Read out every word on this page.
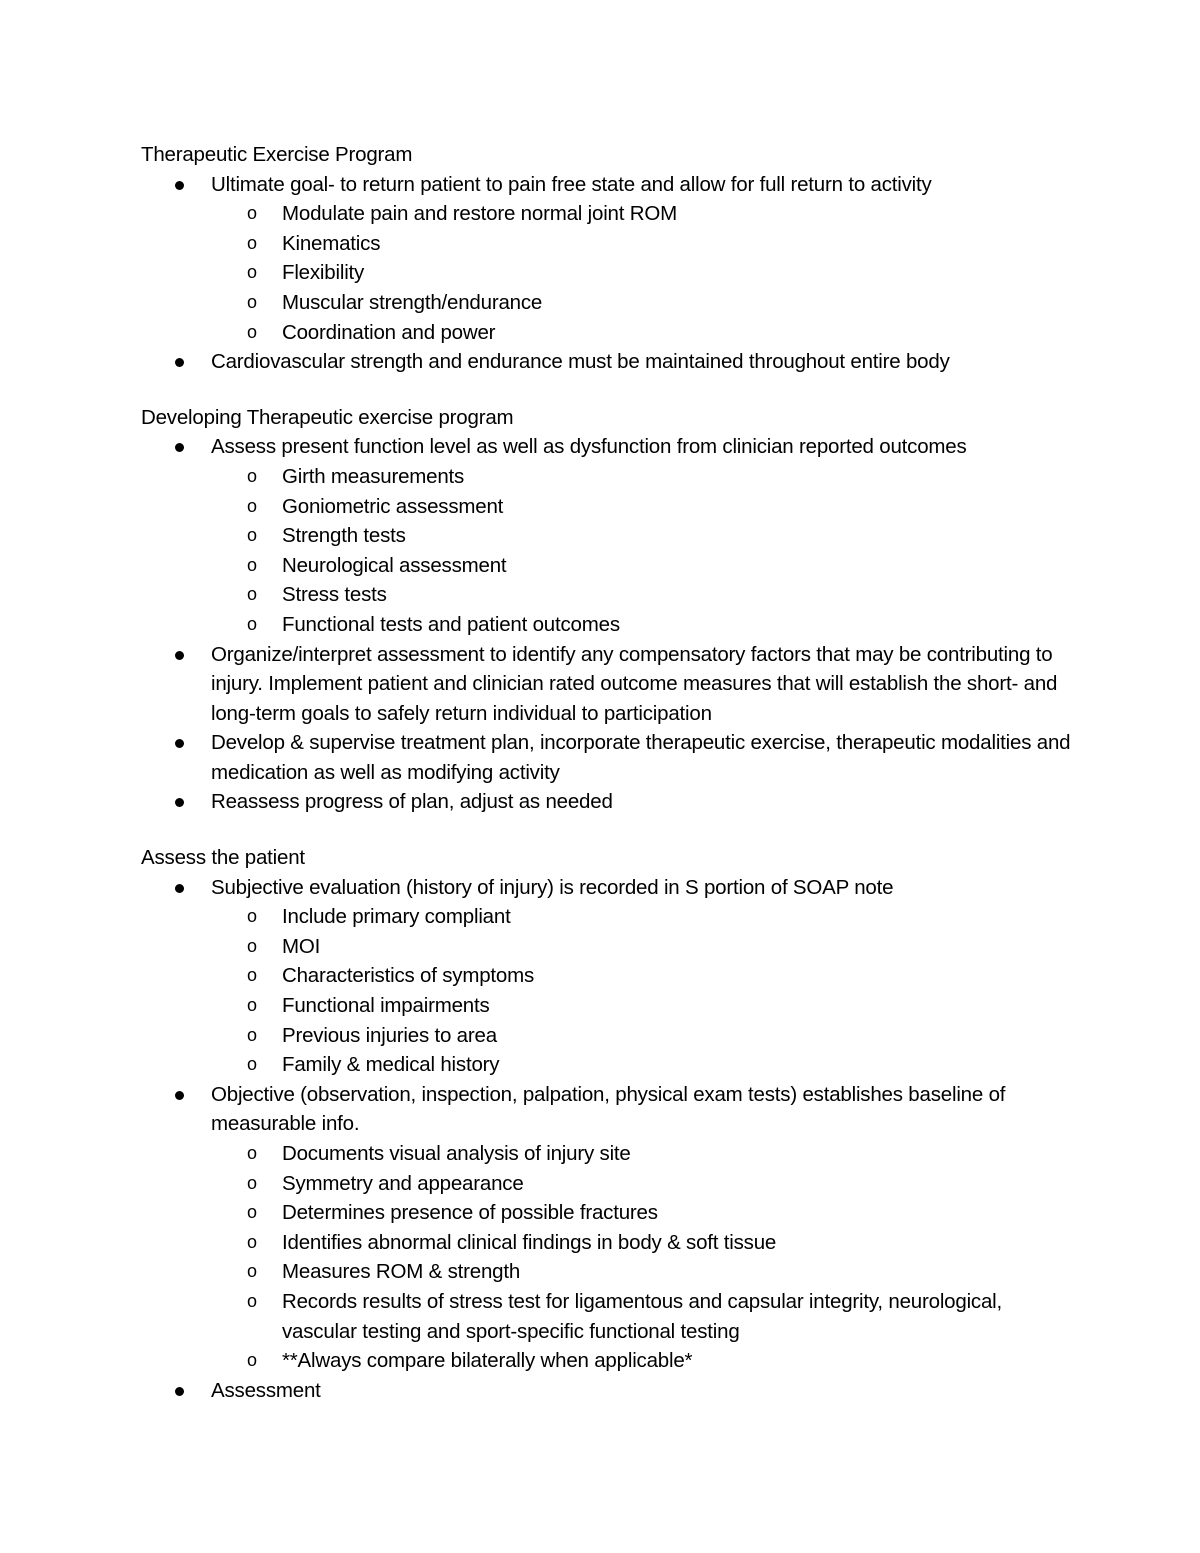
Therapeutic Exercise Program
Ultimate goal- to return patient to pain free state and allow for full return to activity
o Modulate pain and restore normal joint ROM
o Kinematics
o Flexibility
o Muscular strength/endurance
o Coordination and power
Cardiovascular strength and endurance must be maintained throughout entire body
Developing Therapeutic exercise program
Assess present function level as well as dysfunction from clinician reported outcomes
o Girth measurements
o Goniometric assessment
o Strength tests
o Neurological assessment
o Stress tests
o Functional tests and patient outcomes
Organize/interpret assessment to identify any compensatory factors that may be contributing to injury. Implement patient and clinician rated outcome measures that will establish the short- and long-term goals to safely return individual to participation
Develop & supervise treatment plan, incorporate therapeutic exercise, therapeutic modalities and medication as well as modifying activity
Reassess progress of plan, adjust as needed
Assess the patient
Subjective evaluation (history of injury) is recorded in S portion of SOAP note
o Include primary compliant
o MOI
o Characteristics of symptoms
o Functional impairments
o Previous injuries to area
o Family & medical history
Objective (observation, inspection, palpation, physical exam tests) establishes baseline of measurable info.
o Documents visual analysis of injury site
o Symmetry and appearance
o Determines presence of possible fractures
o Identifies abnormal clinical findings in body & soft tissue
o Measures ROM & strength
o Records results of stress test for ligamentous and capsular integrity, neurological, vascular testing and sport-specific functional testing
o **Always compare bilaterally when applicable*
Assessment
